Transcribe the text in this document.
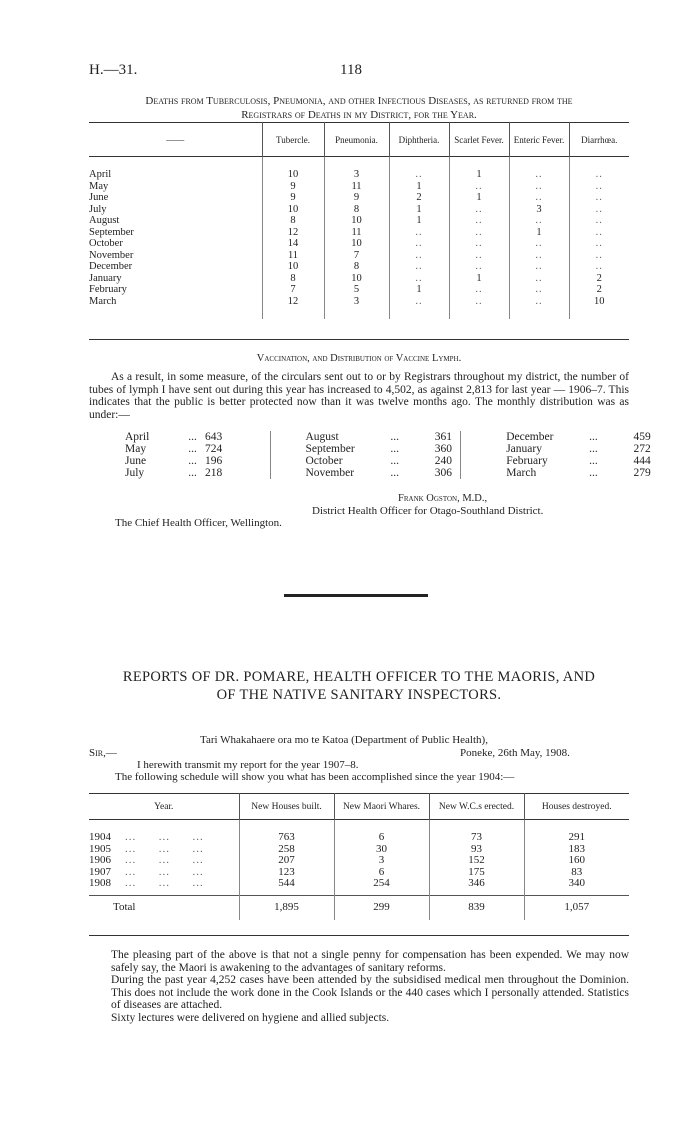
H.—31.	118
Deaths from Tuberculosis, Pneumonia, and other Infectious Diseases, as returned from the
Registrars of Deaths in my District, for the Year.
——	Tubercle.	Pneumonia.	Diphtheria.	Scarlet Fever.	Enteric Fever.	Diarrhœa.

April	10	3	..	1	..	..
May	9	11	1	..	..	..
June	9	9	2	1	..	..
July	10	8	1	..	3	..
August	8	10	1	..	..	..
September	12	11	..	..	1	..
October	14	10	..	..	..	..
November	11	7	..	..	..	..
December	10	8	..	..	..	..
January	8	10	..	1	..	2
February	7	5	1	..	..	2
March	12	3	..	..	..	10

Vaccination, and Distribution of Vaccine Lymph.
As a result, in some measure, of the circulars sent out to or by Registrars throughout my district, the number of tubes of lymph I have sent out during this year has increased to 4,502, as against 2,813 for last year — 1906–7. This indicates that the public is better protected now than it was twelve months ago. The monthly distribution was as under:—
April	...	643	August	...	361	December	...	459
May	...	724	September	...	360	January	...	272
June	...	196	October	...	240	February	...	444
July	...	218	November	...	306	March	...	279
Frank Ogston, M.D.,
District Health Officer for Otago-Southland District.
The Chief Health Officer, Wellington.
REPORTS OF DR. POMARE, HEALTH OFFICER TO THE MAORIS, AND
OF THE NATIVE SANITARY INSPECTORS.
Tari Whakahaere ora mo te Katoa (Department of Public Health),
Sir,—	Poneke, 26th May, 1908.
I herewith transmit my report for the year 1907–8.
The following schedule will show you what has been accomplished since the year 1904:—
Year.	New Houses built.	New Maori Whares.	New W.C.s erected.	Houses destroyed.

1904 ...      ...      ...	763	6	73	291
1905 ...      ...      ...	258	30	93	183
1906 ...      ...      ...	207	3	152	160
1907 ...      ...      ...	123	6	175	83
1908 ...      ...      ...	544	254	346	340

Total	1,895	299	839	1,057
The pleasing part of the above is that not a single penny for compensation has been expended. We may now safely say, the Maori is awakening to the advantages of sanitary reforms.
During the past year 4,252 cases have been attended by the subsidised medical men throughout the Dominion. This does not include the work done in the Cook Islands or the 440 cases which I personally attended. Statistics of diseases are attached.
Sixty lectures were delivered on hygiene and allied subjects.
